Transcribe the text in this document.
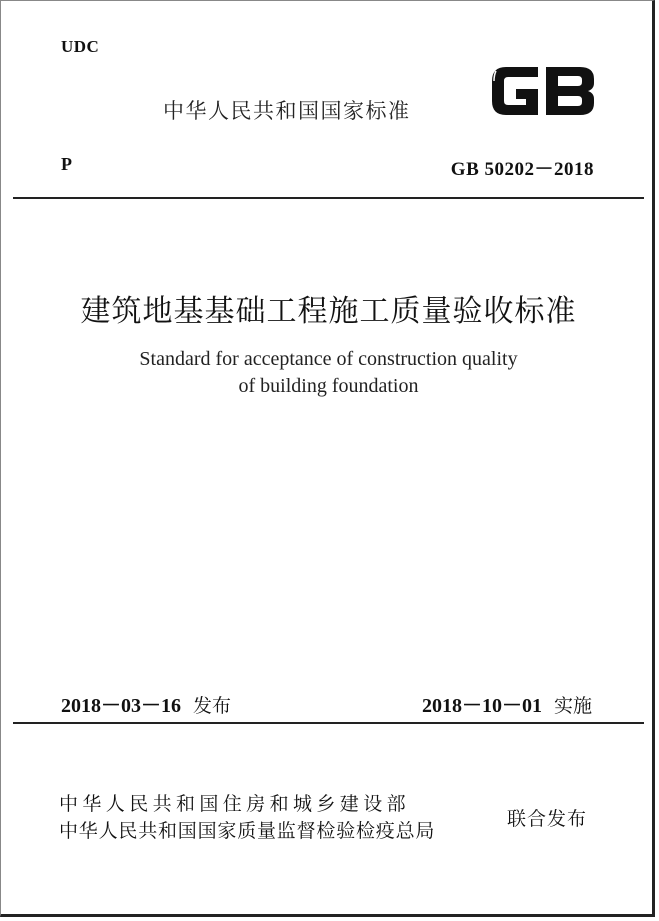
UDC
中华人民共和国国家标准
P	GB 50202－2018
建筑地基基础工程施工质量验收标准
Standard for acceptance of construction quality
of building foundation
2018－03－16 发布	2018－10－01 实施
中华人民共和国住房和城乡建设部
中华人民共和国国家质量监督检验检疫总局
联合发布
